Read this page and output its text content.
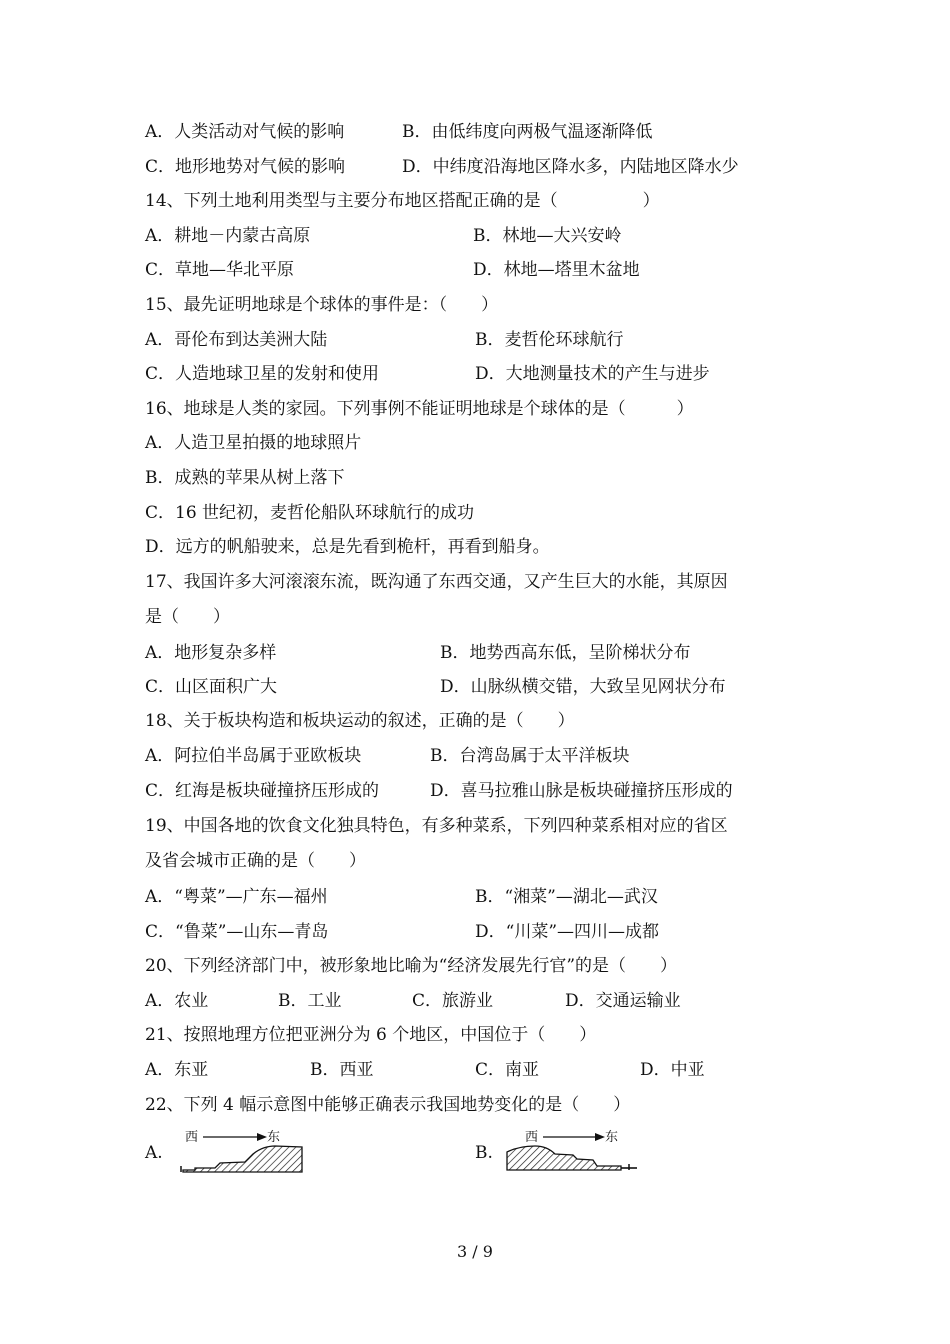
A．人类活动对气候的影响	B．由低纬度向两极气温逐渐降低
C．地形地势对气候的影响	D．中纬度沿海地区降水多，内陆地区降水少
14、下列土地利用类型与主要分布地区搭配正确的是（　　　　　）
A．耕地－内蒙古高原	B．林地—大兴安岭
C．草地—华北平原	D．林地—塔里木盆地
15、最先证明地球是个球体的事件是：（　　）
A．哥伦布到达美洲大陆	B．麦哲伦环球航行
C．人造地球卫星的发射和使用	D．大地测量技术的产生与进步
16、地球是人类的家园。下列事例不能证明地球是个球体的是（　　　）
A．人造卫星拍摄的地球照片
B．成熟的苹果从树上落下
C．16 世纪初，麦哲伦船队环球航行的成功
D．远方的帆船驶来，总是先看到桅杆，再看到船身。
17、我国许多大河滚滚东流，既沟通了东西交通，又产生巨大的水能，其原因
是（　　）
A．地形复杂多样	B．地势西高东低，呈阶梯状分布
C．山区面积广大	D．山脉纵横交错，大致呈见网状分布
18、关于板块构造和板块运动的叙述，正确的是（　　）
A．阿拉伯半岛属于亚欧板块	B．台湾岛属于太平洋板块
C．红海是板块碰撞挤压形成的	D．喜马拉雅山脉是板块碰撞挤压形成的
19、中国各地的饮食文化独具特色，有多种菜系，下列四种菜系相对应的省区
及省会城市正确的是（　　）
A．“粤菜”—广东—福州	B．“湘菜”—湖北—武汉
C．“鲁菜”—山东—青岛	D．“川菜”—四川—成都
20、下列经济部门中，被形象地比喻为“经济发展先行官”的是（　　）
A．农业	B．工业	C．旅游业	D．交通运输业
21、按照地理方位把亚洲分为 6 个地区，中国位于（　　）
A．东亚	B．西亚	C．南亚	D．中亚
22、下列 4 幅示意图中能够正确表示我国地势变化的是（　　）
A.	B.
西	东	西	东
3 / 9
